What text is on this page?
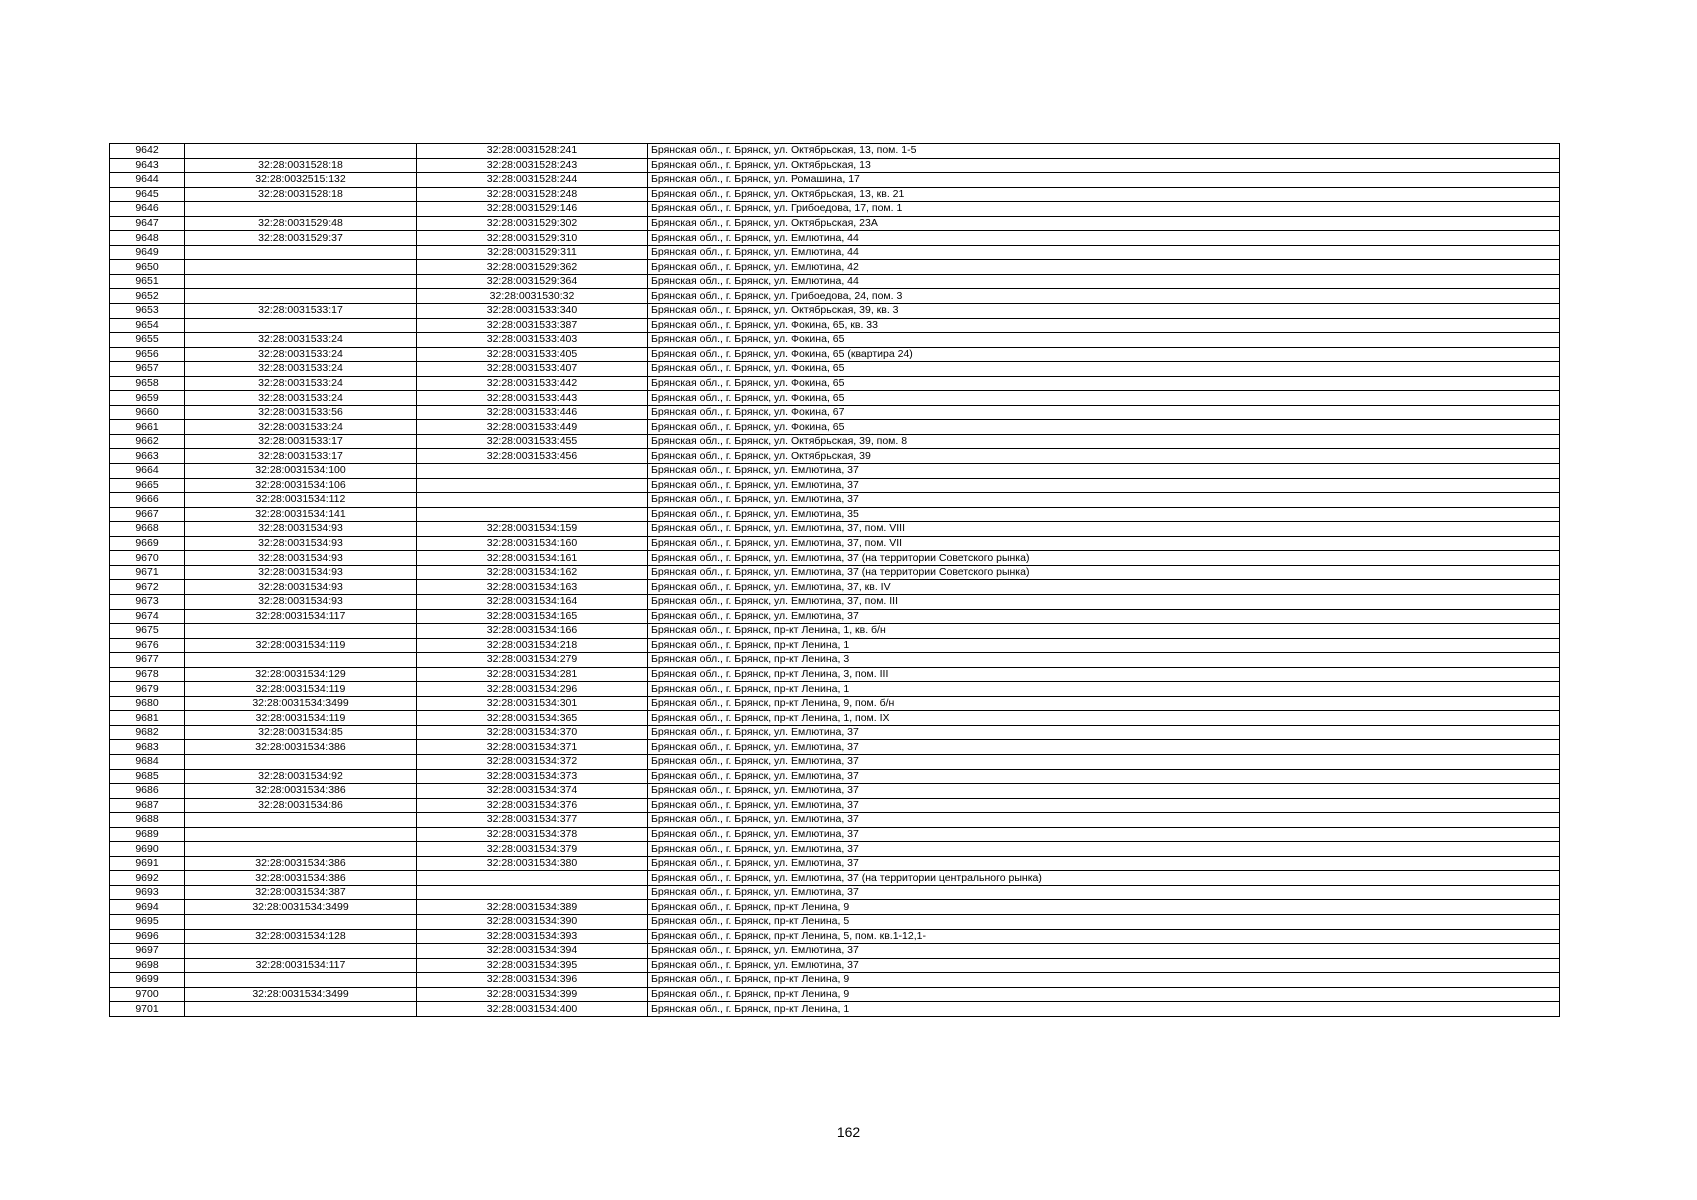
9642		32:28:0031528:241	Брянская обл., г. Брянск, ул. Октябрьская, 13, пом. 1-5
9643	32:28:0031528:18	32:28:0031528:243	Брянская обл., г. Брянск, ул. Октябрьская, 13
9644	32:28:0032515:132	32:28:0031528:244	Брянская обл., г. Брянск, ул. Ромашина, 17
9645	32:28:0031528:18	32:28:0031528:248	Брянская обл., г. Брянск, ул. Октябрьская, 13, кв. 21
9646		32:28:0031529:146	Брянская обл., г. Брянск, ул. Грибоедова, 17, пом. 1
9647	32:28:0031529:48	32:28:0031529:302	Брянская обл., г. Брянск, ул. Октябрьская, 23А
9648	32:28:0031529:37	32:28:0031529:310	Брянская обл., г. Брянск, ул. Емлютина, 44
9649		32:28:0031529:311	Брянская обл., г. Брянск, ул. Емлютина, 44
9650		32:28:0031529:362	Брянская обл., г. Брянск, ул. Емлютина, 42
9651		32:28:0031529:364	Брянская обл., г. Брянск, ул. Емлютина, 44
9652		32:28:0031530:32	Брянская обл., г. Брянск, ул. Грибоедова, 24, пом. 3
9653	32:28:0031533:17	32:28:0031533:340	Брянская обл., г. Брянск, ул. Октябрьская, 39, кв. 3
9654		32:28:0031533:387	Брянская обл., г. Брянск, ул. Фокина, 65, кв. 33
9655	32:28:0031533:24	32:28:0031533:403	Брянская обл., г. Брянск, ул. Фокина, 65
9656	32:28:0031533:24	32:28:0031533:405	Брянская обл., г. Брянск, ул. Фокина, 65 (квартира 24)
9657	32:28:0031533:24	32:28:0031533:407	Брянская обл., г. Брянск, ул. Фокина, 65
9658	32:28:0031533:24	32:28:0031533:442	Брянская обл., г. Брянск, ул. Фокина, 65
9659	32:28:0031533:24	32:28:0031533:443	Брянская обл., г. Брянск, ул. Фокина, 65
9660	32:28:0031533:56	32:28:0031533:446	Брянская обл., г. Брянск, ул. Фокина, 67
9661	32:28:0031533:24	32:28:0031533:449	Брянская обл., г. Брянск, ул. Фокина, 65
9662	32:28:0031533:17	32:28:0031533:455	Брянская обл., г. Брянск, ул. Октябрьская, 39, пом. 8
9663	32:28:0031533:17	32:28:0031533:456	Брянская обл., г. Брянск, ул. Октябрьская, 39
9664	32:28:0031534:100		Брянская обл., г. Брянск, ул. Емлютина, 37
9665	32:28:0031534:106		Брянская обл., г. Брянск, ул. Емлютина, 37
9666	32:28:0031534:112		Брянская обл., г. Брянск, ул. Емлютина, 37
9667	32:28:0031534:141		Брянская обл., г. Брянск, ул. Емлютина, 35
9668	32:28:0031534:93	32:28:0031534:159	Брянская обл., г. Брянск, ул. Емлютина, 37, пом. VIII
9669	32:28:0031534:93	32:28:0031534:160	Брянская обл., г. Брянск, ул. Емлютина, 37, пом. VII
9670	32:28:0031534:93	32:28:0031534:161	Брянская обл., г. Брянск, ул. Емлютина, 37 (на территории Советского рынка)
9671	32:28:0031534:93	32:28:0031534:162	Брянская обл., г. Брянск, ул. Емлютина, 37 (на территории Советского рынка)
9672	32:28:0031534:93	32:28:0031534:163	Брянская обл., г. Брянск, ул. Емлютина, 37, кв. IV
9673	32:28:0031534:93	32:28:0031534:164	Брянская обл., г. Брянск, ул. Емлютина, 37, пом. III
9674	32:28:0031534:117	32:28:0031534:165	Брянская обл., г. Брянск, ул. Емлютина, 37
9675		32:28:0031534:166	Брянская обл., г. Брянск, пр-кт Ленина, 1, кв. б/н
9676	32:28:0031534:119	32:28:0031534:218	Брянская обл., г. Брянск, пр-кт Ленина, 1
9677		32:28:0031534:279	Брянская обл., г. Брянск, пр-кт Ленина, 3
9678	32:28:0031534:129	32:28:0031534:281	Брянская обл., г. Брянск, пр-кт Ленина, 3, пом. III
9679	32:28:0031534:119	32:28:0031534:296	Брянская обл., г. Брянск, пр-кт Ленина, 1
9680	32:28:0031534:3499	32:28:0031534:301	Брянская обл., г. Брянск, пр-кт Ленина, 9, пом. б/н
9681	32:28:0031534:119	32:28:0031534:365	Брянская обл., г. Брянск, пр-кт Ленина, 1, пом. IX
9682	32:28:0031534:85	32:28:0031534:370	Брянская обл., г. Брянск, ул. Емлютина, 37
9683	32:28:0031534:386	32:28:0031534:371	Брянская обл., г. Брянск, ул. Емлютина, 37
9684		32:28:0031534:372	Брянская обл., г. Брянск, ул. Емлютина, 37
9685	32:28:0031534:92	32:28:0031534:373	Брянская обл., г. Брянск, ул. Емлютина, 37
9686	32:28:0031534:386	32:28:0031534:374	Брянская обл., г. Брянск, ул. Емлютина, 37
9687	32:28:0031534:86	32:28:0031534:376	Брянская обл., г. Брянск, ул. Емлютина, 37
9688		32:28:0031534:377	Брянская обл., г. Брянск, ул. Емлютина, 37
9689		32:28:0031534:378	Брянская обл., г. Брянск, ул. Емлютина, 37
9690		32:28:0031534:379	Брянская обл., г. Брянск, ул. Емлютина, 37
9691	32:28:0031534:386	32:28:0031534:380	Брянская обл., г. Брянск, ул. Емлютина, 37
9692	32:28:0031534:386		Брянская обл., г. Брянск, ул. Емлютина, 37 (на территории центрального рынка)
9693	32:28:0031534:387		Брянская обл., г. Брянск, ул. Емлютина, 37
9694	32:28:0031534:3499	32:28:0031534:389	Брянская обл., г. Брянск, пр-кт Ленина, 9
9695		32:28:0031534:390	Брянская обл., г. Брянск, пр-кт Ленина, 5
9696	32:28:0031534:128	32:28:0031534:393	Брянская обл., г. Брянск, пр-кт Ленина, 5, пом. кв.1-12,1-
9697		32:28:0031534:394	Брянская обл., г. Брянск, ул. Емлютина, 37
9698	32:28:0031534:117	32:28:0031534:395	Брянская обл., г. Брянск, ул. Емлютина, 37
9699		32:28:0031534:396	Брянская обл., г. Брянск, пр-кт Ленина, 9
9700	32:28:0031534:3499	32:28:0031534:399	Брянская обл., г. Брянск, пр-кт Ленина, 9
9701		32:28:0031534:400	Брянская обл., г. Брянск, пр-кт Ленина, 1
162
